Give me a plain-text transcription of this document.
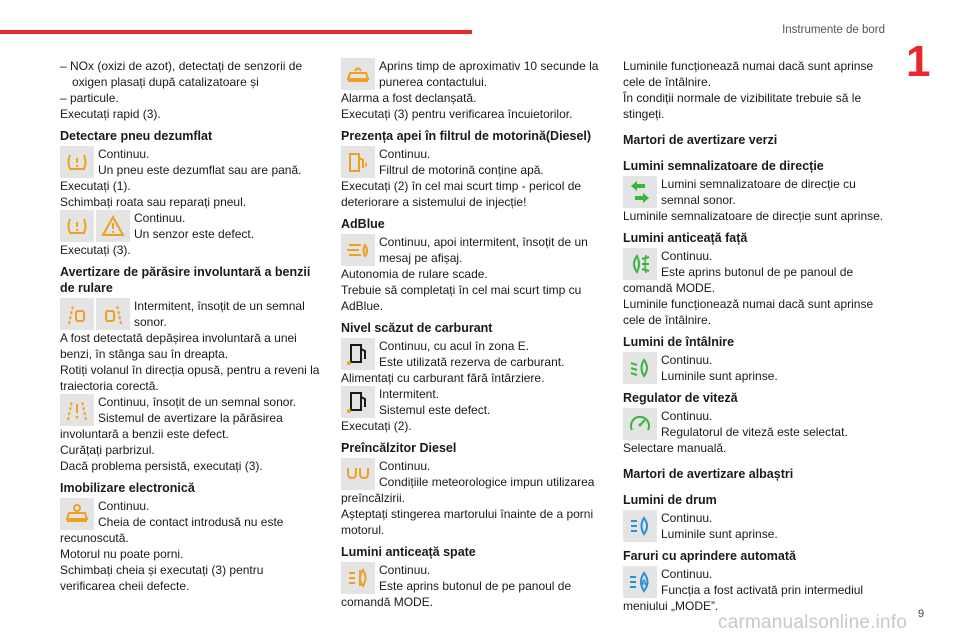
Instrumente de bord
1

– NOx (oxizi de azot), detectați de senzorii de oxigen plasați după catalizatoare și

– particule.

Executați rapid (3).

Detectare pneu dezumflat

Continuu.

Un pneu este dezumflat sau are pană.

Executați (1).

Schimbați roata sau reparați pneul.

Continuu.

Un senzor este defect.

Executați (3).

Avertizare de părăsire involuntară a benzii de rulare

Intermitent, însoțit de un semnal sonor.

A fost detectată depășirea involuntară a unei benzi, în stânga sau în dreapta.

Rotiți volanul în direcția opusă, pentru a reveni la traiectoria corectă.

Continuu, însoțit de un semnal sonor.

Sistemul de avertizare la părăsirea

involuntară a benzii este defect.

Curățați parbrizul.

Dacă problema persistă, executați (3).

Imobilizare electronică

Continuu.

Cheia de contact introdusă nu este

recunoscută.

Motorul nu poate porni.

Schimbați cheia și executați (3) pentru verificarea cheii defecte.

Aprins timp de aproximativ 10 secunde la punerea contactului.

Alarma a fost declanșată.

Executați (3) pentru verificarea încuietorilor.

Prezența apei în filtrul de motorină(Diesel)

Continuu.

Filtrul de motorină conține apă.

Executați (2) în cel mai scurt timp - pericol de deteriorare a sistemului de injecție!

AdBlue

Continuu, apoi intermitent, însoțit de un mesaj pe afișaj.

Autonomia de rulare scade.

Trebuie să completați în cel mai scurt timp cu AdBlue.

Nivel scăzut de carburant

Continuu, cu acul în zona E.

Este utilizată rezerva de carburant.

Alimentați cu carburant fără întârziere.

Intermitent.

Sistemul este defect.

Executați (2).

Preîncălzitor Diesel

Continuu.

Condițiile meteorologice impun utilizarea

preîncălzirii.

Așteptați stingerea martorului înainte de a porni motorul.

Lumini anticeață spate

Continuu.

Este aprins butonul de pe panoul de

comandă MODE.

Luminile funcționează numai dacă sunt aprinse cele de întâlnire.

În condiții normale de vizibilitate trebuie să le stingeți.

Martori de avertizare verzi

Lumini semnalizatoare de direcție

Lumini semnalizatoare de direcție cu semnal sonor.

Luminile semnalizatoare de direcție sunt aprinse.

Lumini anticeață față

Continuu.

Este aprins butonul de pe panoul de

comandă MODE.

Luminile funcționează numai dacă sunt aprinse cele de întâlnire.

Lumini de întâlnire

Continuu.

Luminile sunt aprinse.

Regulator de viteză

Continuu.

Regulatorul de viteză este selectat.

Selectare manuală.

Martori de avertizare albaștri

Lumini de drum

Continuu.

Luminile sunt aprinse.

Faruri cu aprindere automată

A

Continuu.

Funcția a fost activată prin intermediul

meniului „MODE”.

carmanualsonline.info 9
